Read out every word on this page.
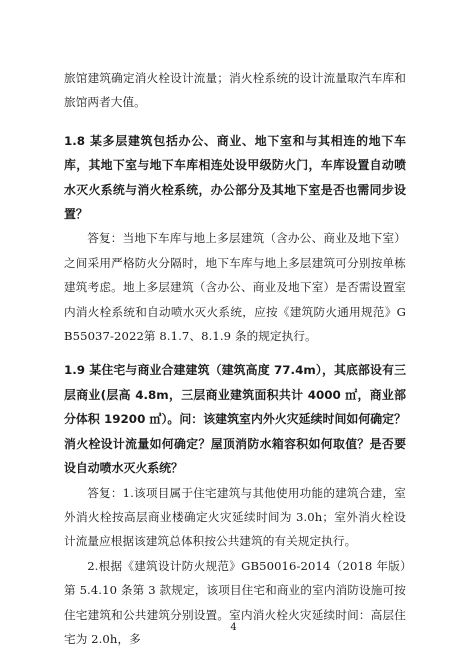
旅馆建筑确定消火栓设计流量；消火栓系统的设计流量取汽车库和旅馆两者大值。

1.8 某多层建筑包括办公、商业、地下室和与其相连的地下车库，其地下室与地下车库相连处设甲级防火门，车库设置自动喷水灭火系统与消火栓系统，办公部分及其地下室是否也需同步设置？

答复：当地下车库与地上多层建筑（含办公、商业及地下室）之间采用严格防火分隔时，地下车库与地上多层建筑可分别按单栋建筑考虑。地上多层建筑（含办公、商业及地下室）是否需设置室内消火栓系统和自动喷水灭火系统，应按《建筑防火通用规范》GB55037-2022第 8.1.7、8.1.9 条的规定执行。

1.9 某住宅与商业合建建筑（建筑高度 77.4m），其底部设有三层商业(层高 4.8m，三层商业建筑面积共计 4000 ㎡，商业部分体积 19200 ㎥）。问：该建筑室内外火灾延续时间如何确定？消火栓设计流量如何确定？屋顶消防水箱容积如何取值？是否要设自动喷水灭火系统？

答复：1.该项目属于住宅建筑与其他使用功能的建筑合建，室外消火栓按高层商业楼确定火灾延续时间为 3.0h；室外消火栓设计流量应根据该建筑总体积按公共建筑的有关规定执行。

2.根据《建筑设计防火规范》GB50016-2014（2018 年版）第 5.4.10 条第 3 款规定，该项目住宅和商业的室内消防设施可按住宅建筑和公共建筑分别设置。室内消火栓火灾延续时间：高层住宅为 2.0h，多

4
